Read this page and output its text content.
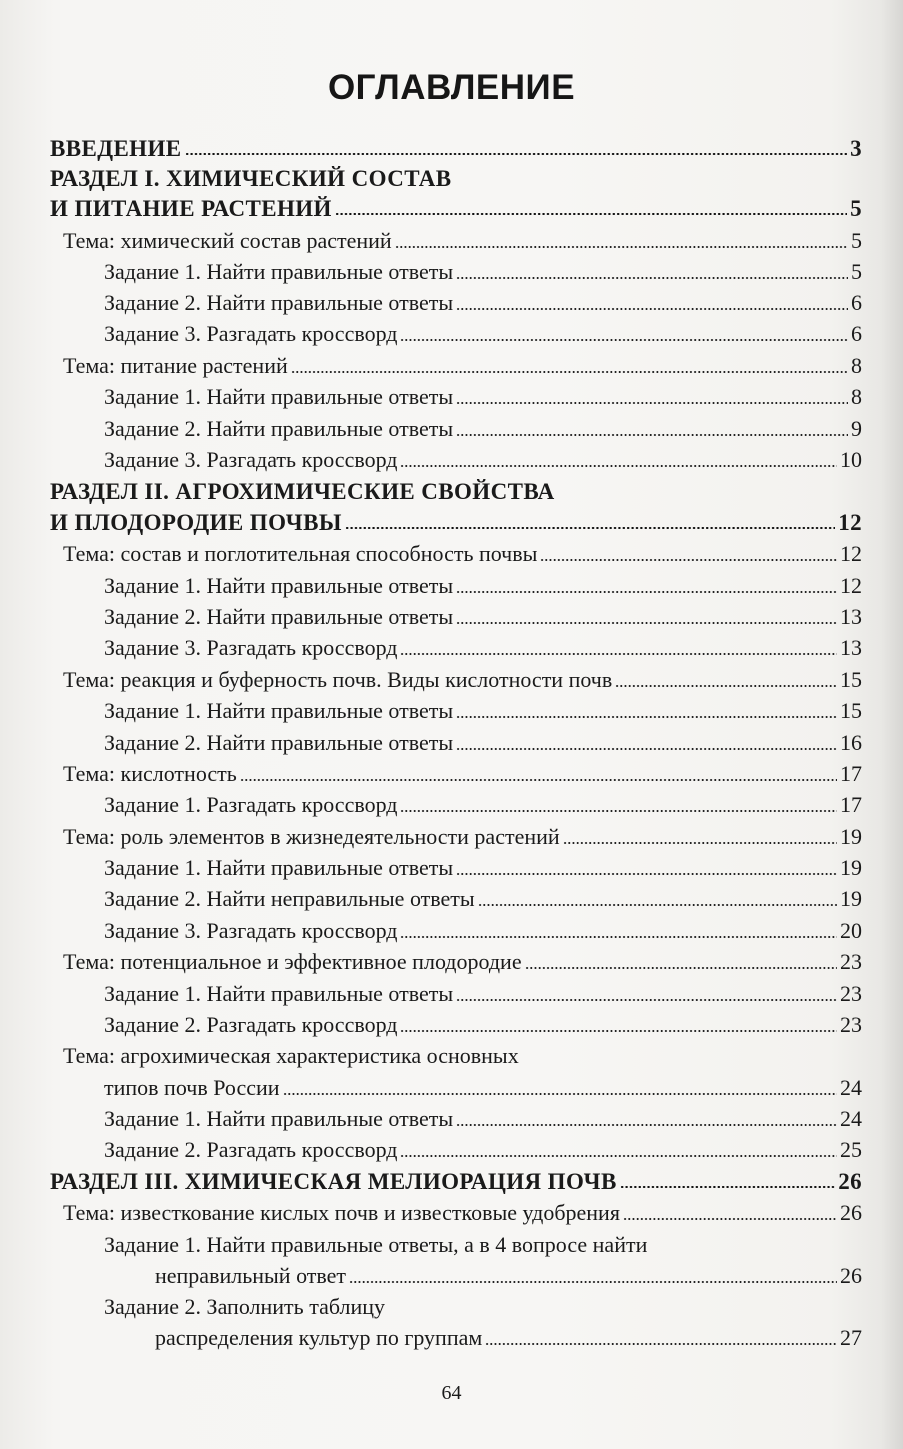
ОГЛАВЛЕНИЕ
ВВЕДЕНИЕ	3
РАЗДЕЛ I. ХИМИЧЕСКИЙ СОСТАВ
И ПИТАНИЕ РАСТЕНИЙ	5
Тема: химический состав растений	5
Задание 1. Найти правильные ответы	5
Задание 2. Найти правильные ответы	6
Задание 3. Разгадать кроссворд	6
Тема: питание растений	8
Задание 1. Найти правильные ответы	8
Задание 2. Найти правильные ответы	9
Задание 3. Разгадать кроссворд	10
РАЗДЕЛ II. АГРОХИМИЧЕСКИЕ СВОЙСТВА
И ПЛОДОРОДИЕ ПОЧВЫ	12
Тема: состав и поглотительная способность почвы	12
Задание 1. Найти правильные ответы	12
Задание 2. Найти правильные ответы	13
Задание 3. Разгадать кроссворд	13
Тема: реакция и буферность почв. Виды кислотности почв	15
Задание 1. Найти правильные ответы	15
Задание 2. Найти правильные ответы	16
Тема: кислотность	17
Задание 1. Разгадать кроссворд	17
Тема: роль элементов в жизнедеятельности растений	19
Задание 1. Найти правильные ответы	19
Задание 2. Найти неправильные ответы	19
Задание 3. Разгадать кроссворд	20
Тема: потенциальное и эффективное плодородие	23
Задание 1. Найти правильные ответы	23
Задание 2. Разгадать кроссворд	23
Тема: агрохимическая характеристика основных
типов почв России	24
Задание 1. Найти правильные ответы	24
Задание 2. Разгадать кроссворд	25
РАЗДЕЛ III. ХИМИЧЕСКАЯ МЕЛИОРАЦИЯ ПОЧВ	26
Тема: известкование кислых почв и известковые удобрения	26
Задание 1. Найти правильные ответы, а в 4 вопросе найти
неправильный ответ	26
Задание 2. Заполнить таблицу
распределения культур по группам	27
64
